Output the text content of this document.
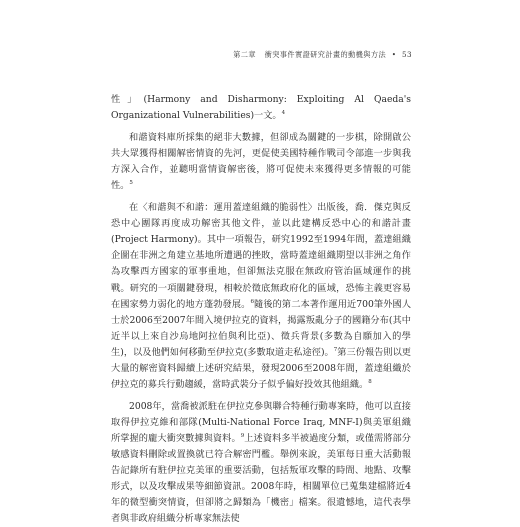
第二章 衝突事件實證研究計畫的動機與方法 • 53

性」(Harmony and Disharmony: Exploiting Al Qaeda's Organizational Vulnerabilities)一文。$^4$

和諧資料庫所採集的絕非大數據，但卻成為關鍵的一步棋，除開啟公共大眾獲得相關解密情資的先河，更促使美國特種作戰司令部進一步與我方深入合作，並聽明當情資解密後，將可促使未來獲得更多情報的可能性。$^5$

在〈和諧與不和諧：運用蓋達組織的脆弱性〉出版後，喬．傑克與反恐中心團隊再度成功解密其他文件，並以此建構反恐中心的和諧計畫(Project Harmony)。其中一項報告，研究1992至1994年間，蓋達組織企圖在非洲之角建立基地所遭遇的挫敗，當時蓋達組織期望以非洲之角作為攻擊西方國家的軍事重地，但卻無法克服在無政府管治區域運作的挑戰。研究的一項關鍵發現，相較於徵底無政府化的區域，恐怖主義更容易在國家勢力弱化的地方蓬勃發展。$^6$隨後的第二本著作運用近700筆外國人士於2006至2007年間入境伊拉克的資料，揭露叛亂分子的國籍分布(其中近半以上來自沙烏地阿拉伯與利比亞)、徵兵背景(多數為自願加入的學生)，以及他們如何移動至伊拉克(多數取道走私途徑)。$^7$第三份報告則以更大量的解密資料歸續上述研究結果，發現2006至2008年間，蓋達組織於伊拉克的募兵行動趨緩，當時武裝分子似乎偏好投效其他組織。$^8$

2008年，當喬被派駐在伊拉克參與聯合特種行動專案時，他可以直接取得伊拉克維和部隊(Multi-National Force Iraq, MNF-I)與美軍組織所掌握的龐大衝突數據與資料。$^9$上述資料多半被過度分類，或僅需將部分敏感資料刪除或置換就已符合解密門檻。舉例來說，美軍每日重大活動報告記錄所有駐伊拉克美軍的重要活動，包括叛軍攻擊的時間、地點、攻擊形式，以及攻擊成果等細節資訊。2008年時，相關單位已蒐集建檔將近4年的微型衝突情資，但卻將之歸類為「機密」檔案。很遺憾地，這代表學者與非政府組織分析專家無法使
